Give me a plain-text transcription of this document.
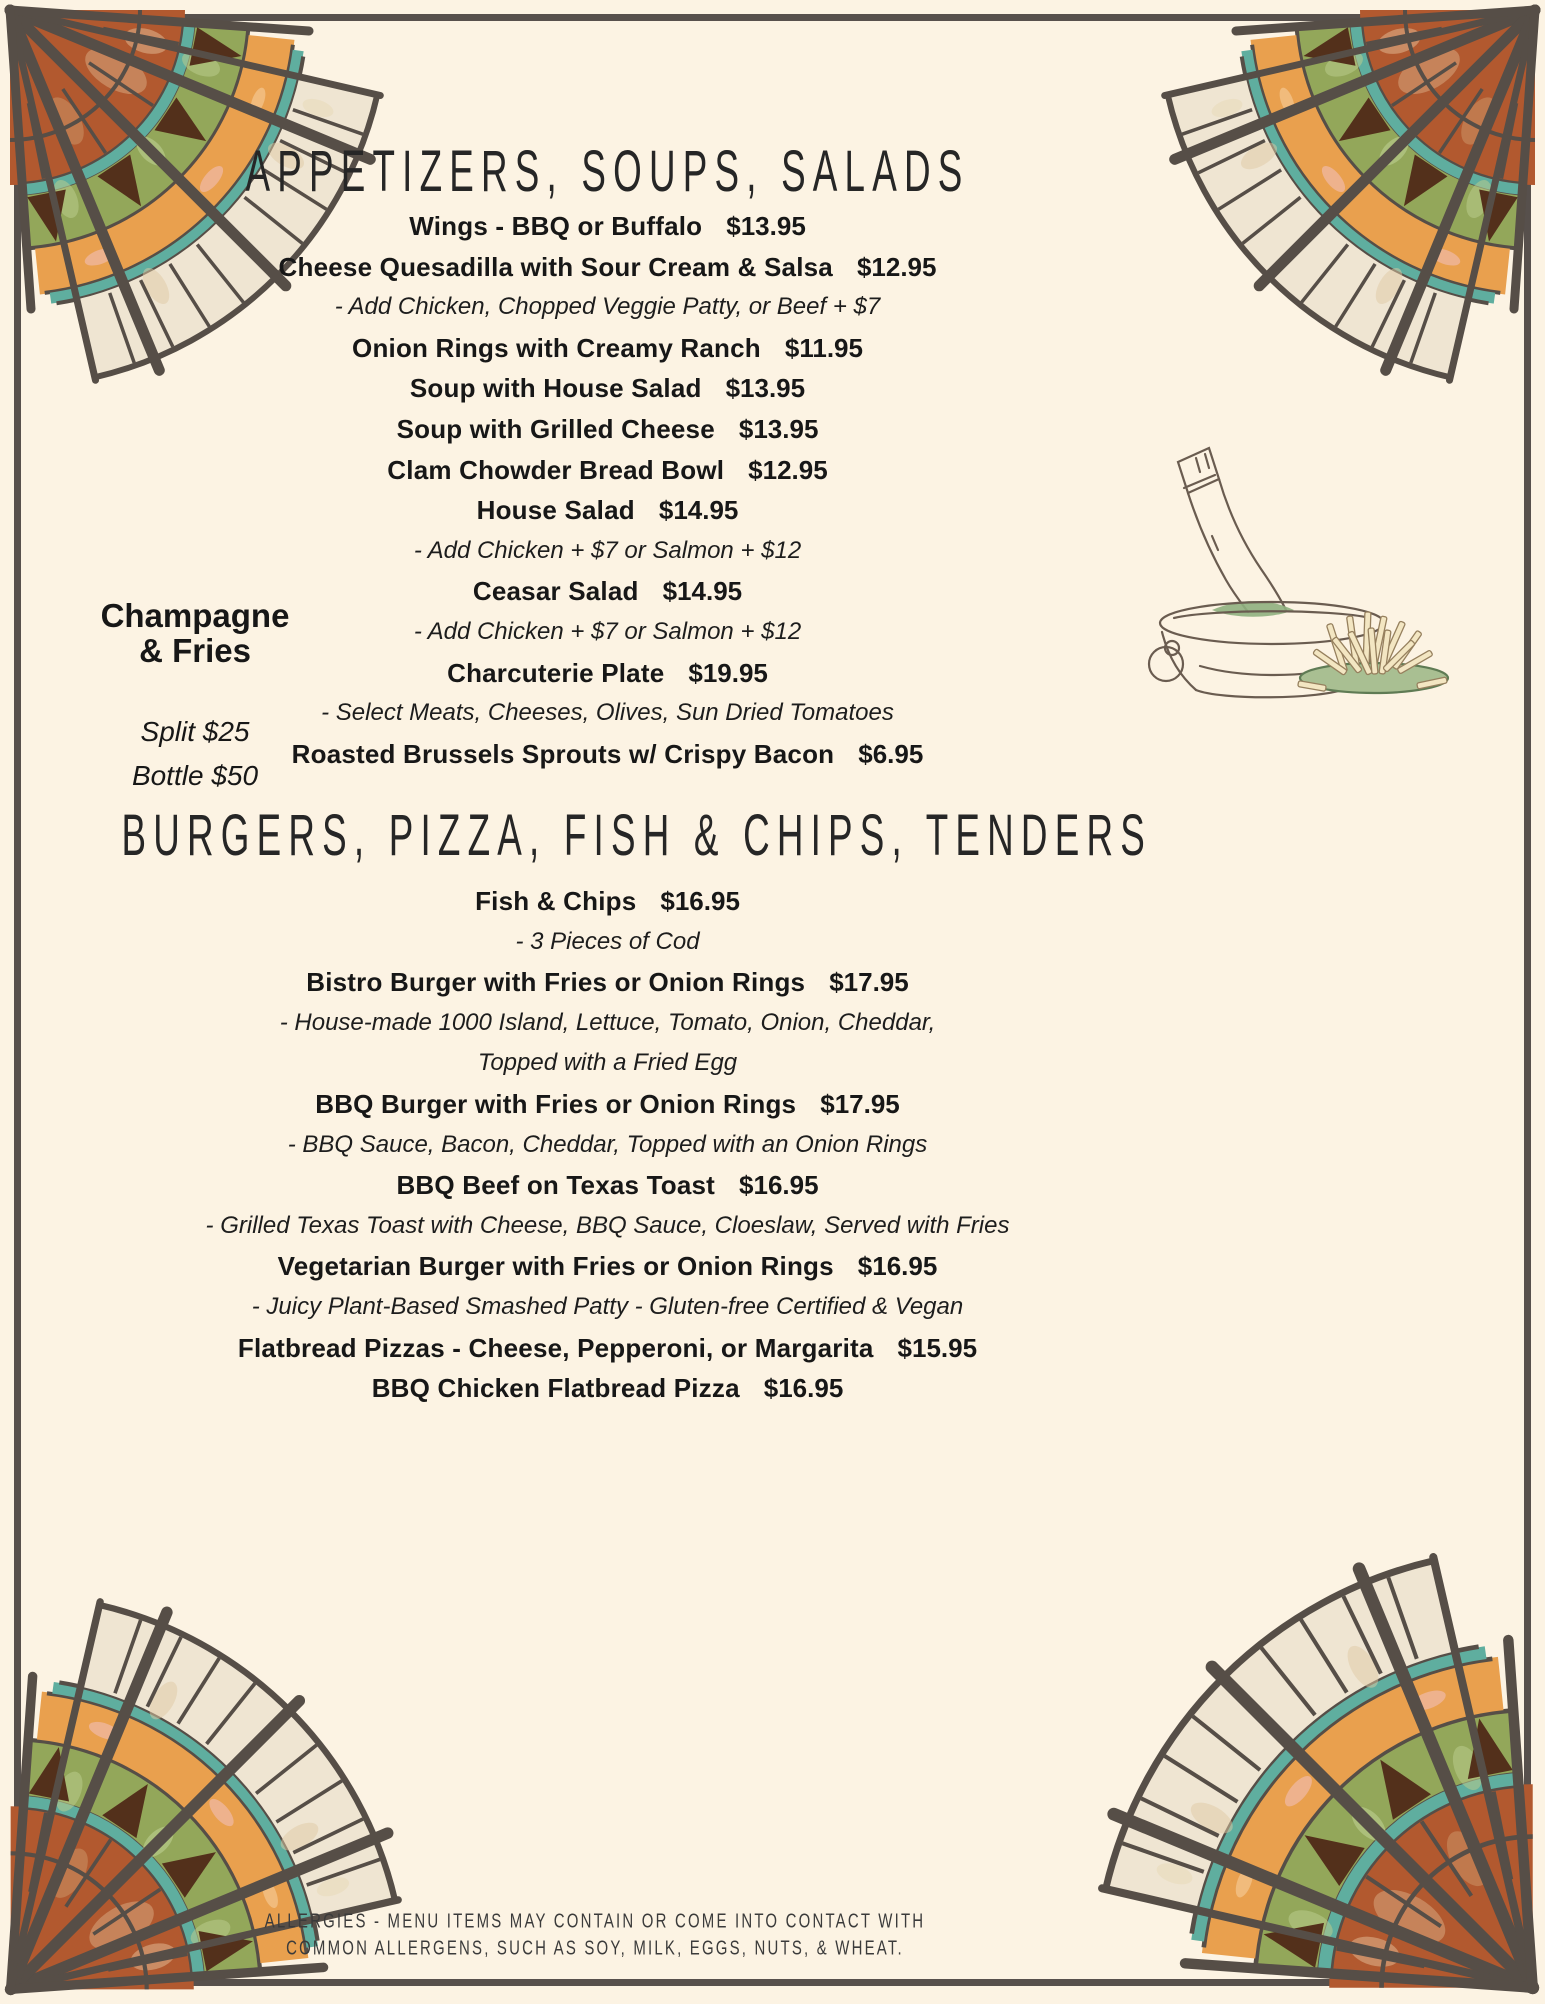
APPETIZERS, SOUPS, SALADS
Wings - BBQ or Buffalo $13.95
Cheese Quesadilla with Sour Cream & Salsa $12.95
- Add Chicken, Chopped Veggie Patty, or Beef + $7
Onion Rings with Creamy Ranch $11.95
Soup with House Salad $13.95
Soup with Grilled Cheese $13.95
Clam Chowder Bread Bowl $12.95
House Salad $14.95
- Add Chicken + $7 or Salmon + $12
Ceasar Salad $14.95
- Add Chicken + $7 or Salmon + $12
Charcuterie Plate $19.95
- Select Meats, Cheeses, Olives, Sun Dried Tomatoes
Roasted Brussels Sprouts w/ Crispy Bacon $6.95
BURGERS, PIZZA, FISH & CHIPS, TENDERS
Fish & Chips $16.95
- 3 Pieces of Cod
Bistro Burger with Fries or Onion Rings $17.95
- House-made 1000 Island, Lettuce, Tomato, Onion, Cheddar,
Topped with a Fried Egg
BBQ Burger with Fries or Onion Rings $17.95
- BBQ Sauce, Bacon, Cheddar, Topped with an Onion Rings
BBQ Beef on Texas Toast $16.95
- Grilled Texas Toast with Cheese, BBQ Sauce, Cloeslaw, Served with Fries
Vegetarian Burger with Fries or Onion Rings $16.95
- Juicy Plant-Based Smashed Patty - Gluten-free Certified & Vegan
Flatbread Pizzas - Cheese, Pepperoni, or Margarita $15.95
BBQ Chicken Flatbread Pizza $16.95
Champagne
& Fries
Split $25
Bottle $50
ALLERGIES - MENU ITEMS MAY CONTAIN OR COME INTO CONTACT WITH
COMMON ALLERGENS, SUCH AS SOY, MILK, EGGS, NUTS, & WHEAT.
